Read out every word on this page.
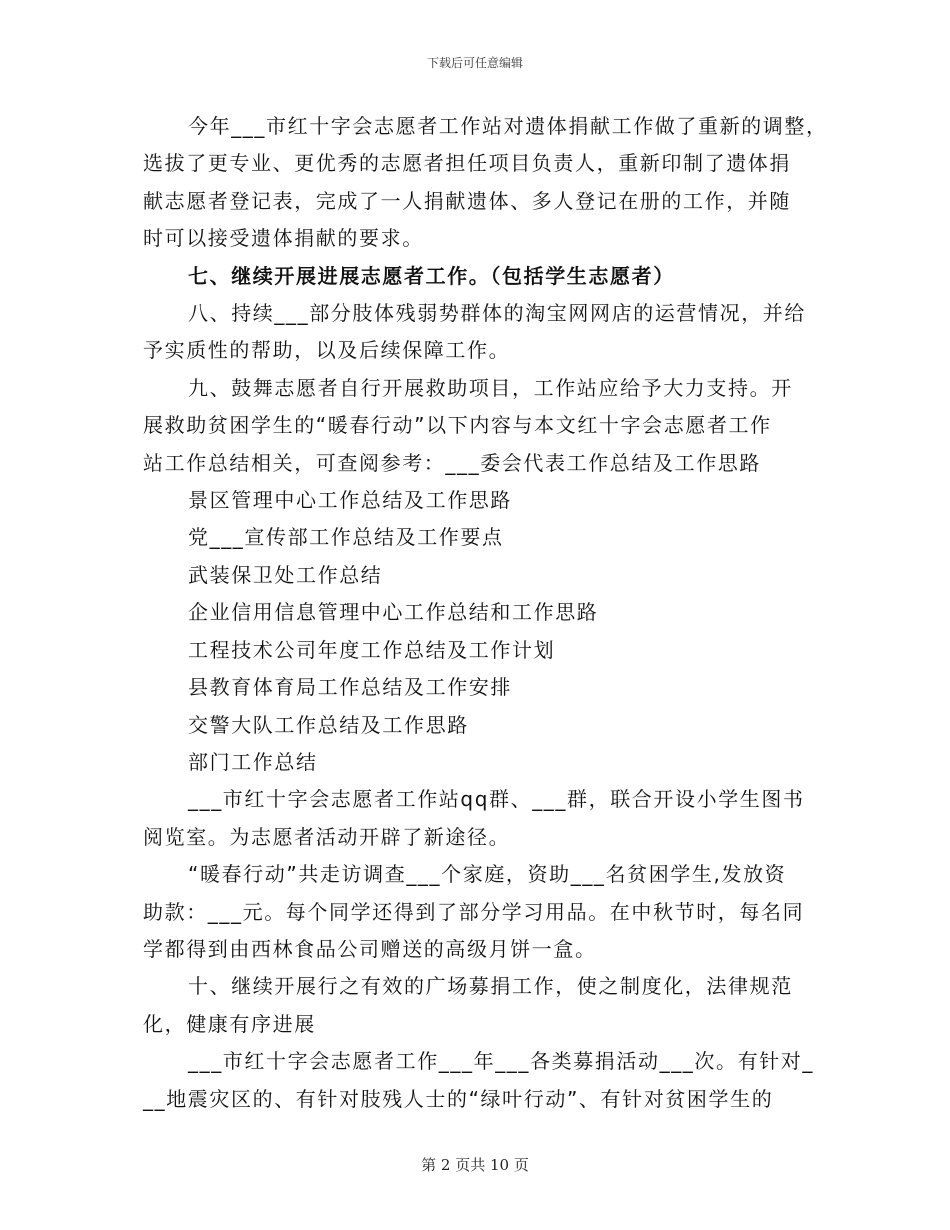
下载后可任意编辑

今年___市红十字会志愿者工作站对遗体捐献工作做了重新的调整，

选拔了更专业、更优秀的志愿者担任项目负责人，重新印制了遗体捐

献志愿者登记表，完成了一人捐献遗体、多人登记在册的工作，并随

时可以接受遗体捐献的要求。

七、继续开展进展志愿者工作。（包括学生志愿者）

八、持续___部分肢体残弱势群体的淘宝网网店的运营情况，并给

予实质性的帮助，以及后续保障工作。

九、鼓舞志愿者自行开展救助项目，工作站应给予大力支持。开

展救助贫困学生的“暖春行动”以下内容与本文红十字会志愿者工作

站工作总结相关，可查阅参考：___委会代表工作总结及工作思路

景区管理中心工作总结及工作思路

党___宣传部工作总结及工作要点

武装保卫处工作总结

企业信用信息管理中心工作总结和工作思路

工程技术公司年度工作总结及工作计划

县教育体育局工作总结及工作安排

交警大队工作总结及工作思路

部门工作总结

___市红十字会志愿者工作站qq群、___群，联合开设小学生图书

阅览室。为志愿者活动开辟了新途径。

“暖春行动”共走访调查___个家庭，资助___名贫困学生,发放资

助款：___元。每个同学还得到了部分学习用品。在中秋节时，每名同

学都得到由西林食品公司赠送的高级月饼一盒。

十、继续开展行之有效的广场募捐工作，使之制度化，法律规范

化，健康有序进展

___市红十字会志愿者工作___年___各类募捐活动___次。有针对_

__地震灾区的、有针对肢残人士的“绿叶行动”、有针对贫困学生的

第 2 页共 10 页
